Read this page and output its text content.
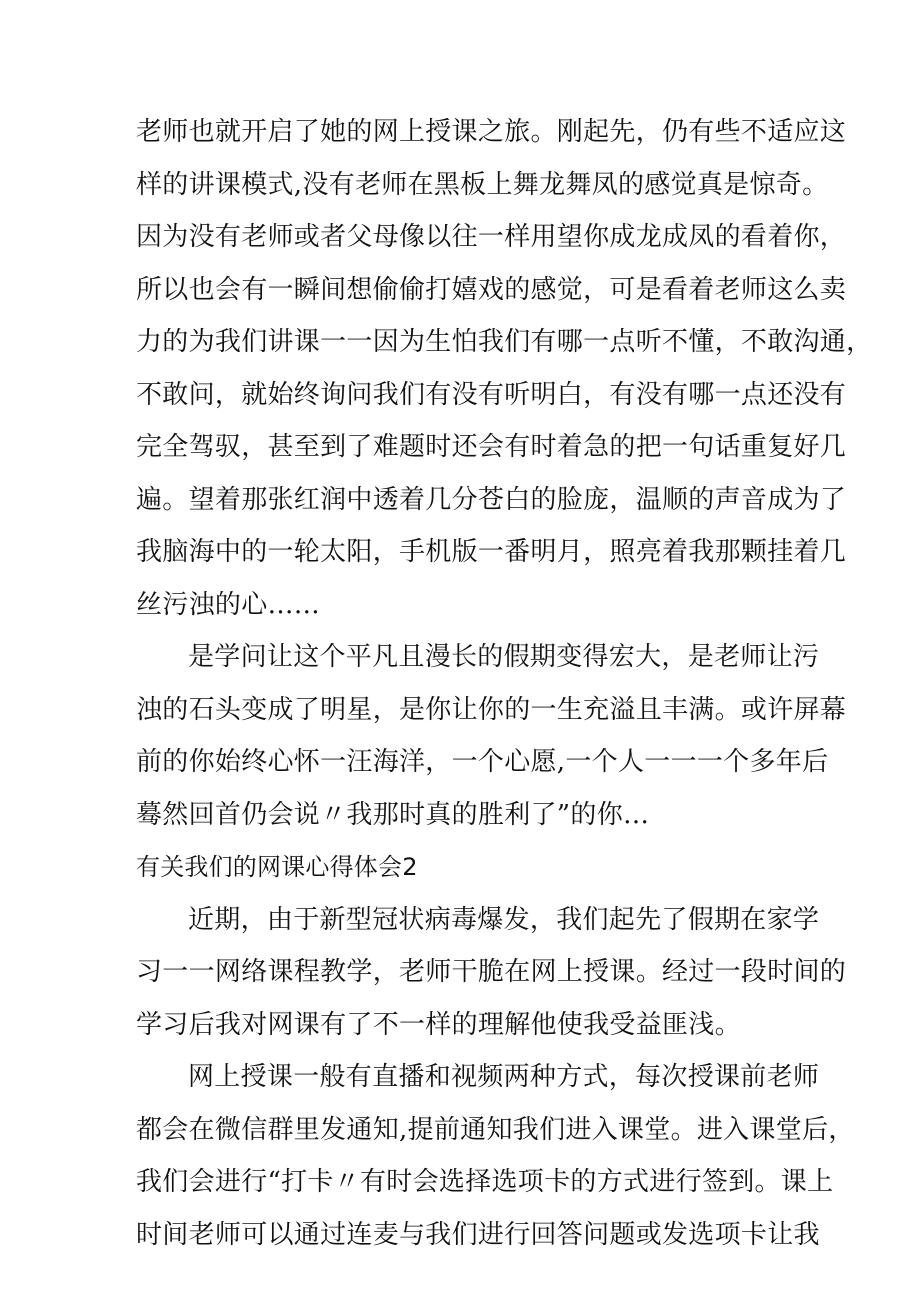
老师也就开启了她的网上授课之旅。刚起先，仍有些不适应这
样的讲课模式,没有老师在黑板上舞龙舞凤的感觉真是惊奇。
因为没有老师或者父母像以往一样用望你成龙成凤的看着你，
所以也会有一瞬间想偷偷打嬉戏的感觉，可是看着老师这么卖
力的为我们讲课一一因为生怕我们有哪一点听不懂，不敢沟通，
不敢问，就始终询问我们有没有听明白，有没有哪一点还没有
完全驾驭，甚至到了难题时还会有时着急的把一句话重复好几
遍。望着那张红润中透着几分苍白的脸庞，温顺的声音成为了
我脑海中的一轮太阳，手机版一番明月，照亮着我那颗挂着几
丝污浊的心……
是学问让这个平凡且漫长的假期变得宏大，是老师让污
浊的石头变成了明星，是你让你的一生充溢且丰满。或许屏幕
前的你始终心怀一汪海洋，一个心愿,一个人一一一个多年后
蓦然回首仍会说〃我那时真的胜利了”的你…
有关我们的网课心得体会2
近期，由于新型冠状病毒爆发，我们起先了假期在家学
习一一网络课程教学，老师干脆在网上授课。经过一段时间的
学习后我对网课有了不一样的理解他使我受益匪浅。
网上授课一般有直播和视频两种方式，每次授课前老师
都会在微信群里发通知,提前通知我们进入课堂。进入课堂后，
我们会进行“打卡〃有时会选择选项卡的方式进行签到。课上
时间老师可以通过连麦与我们进行回答问题或发选项卡让我
